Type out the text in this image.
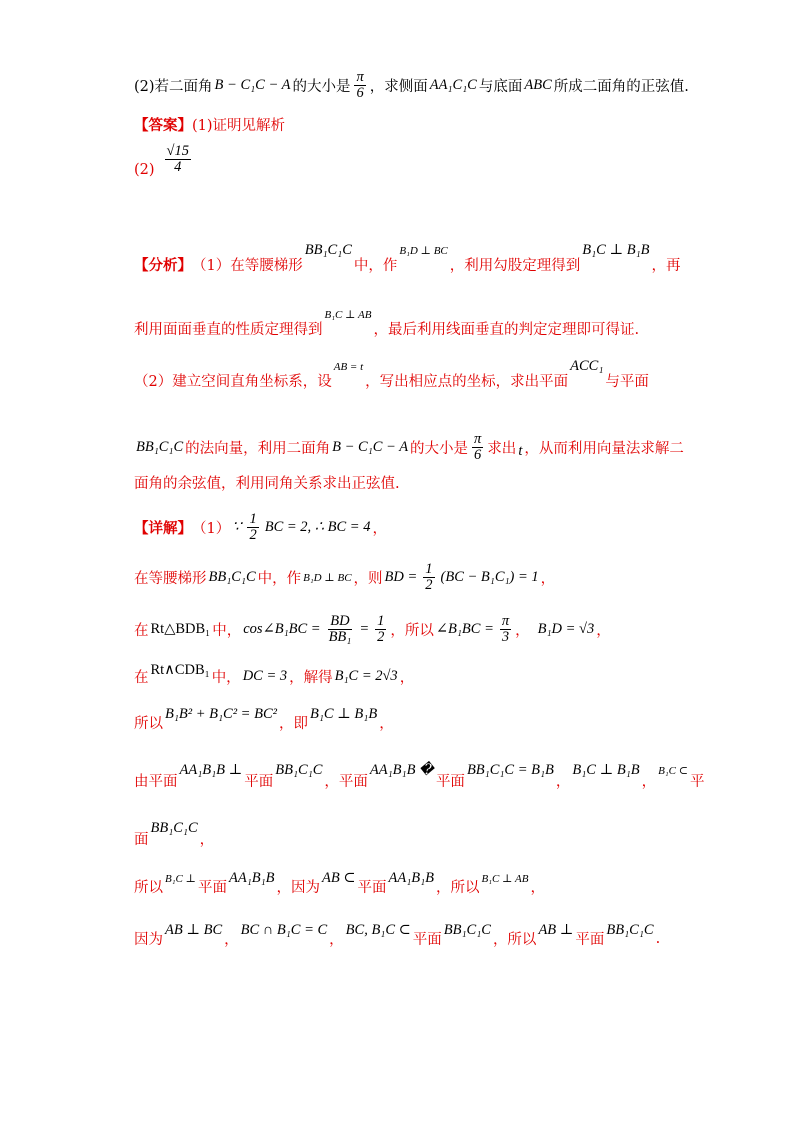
(2)若二面角 B − C₁C − A 的大小是 $\frac{\pi}{6}$ ，求侧面 AA₁C₁C 与底面 ABC 所成二面角的正弦值.
【答案】 (1)证明见解析
$(2) \frac{√15}{4}$
【分析】 （1）在等腰梯形
BB₁C₁C
中，作
B₁D ⊥ BC
，利用勾股定理得到
B₁C ⊥ B₁B
，再
利用面面垂直的性质定理得到
B₁C ⊥ AB
，最后利用线面垂直的判定定理即可得证.
（2）建立空间直角坐标系，设
AB = t
，写出相应点的坐标，求出平面
ACC₁
与平面
BB₁C₁C 的法向量，利用二面角 B − C₁C − A 的大小是 $\frac{\pi}{6}$ 求出 t ，从而利用向量法求解二
面角的余弦值，利用同角关系求出正弦值.
【详解】 （1） ∵ $\frac{1}{2}$ BC = 2, ∴ BC = 4 ，
在等腰梯形 BB₁C₁C 中，作 B₁D ⊥ BC ，则 BD = $\frac{1}{2} (BC - B_1C_1) = 1$ ，
在 Rt△BDB₁ 中， cos∠B₁BC = $\frac{BD}{\text{BB₁}} = \frac{1}{2}$ ，所以 ∠B₁BC = $\frac{\pi}{3}$ ， B₁D = √3 ，
在 Rt∧CDB₁ 中， DC = 3 ，解得 B₁C = 2√3 ，
所以
B₁B² + B₁C² = BC²
，即
B₁C ⊥ B₁B
，
由平面
AA₁B₁B ⊥
平面
BB₁C₁C
，平面
AA₁B₁B �
平面
BB₁C₁C = B₁B
，
B₁C ⊥ B₁B
，
B₁C ⊂
平
面
BB₁C₁C
，
所以
B₁C ⊥
平面
AA₁B₁B
，因为
AB ⊂
平面
AA₁B₁B
，所以
B₁C ⊥ AB
，
因为
AB ⊥ BC
，
BC ∩ B₁C = C
，
BC, B₁C ⊂
平面
BB₁C₁C
，所以
AB ⊥
平面
BB₁C₁C
.
